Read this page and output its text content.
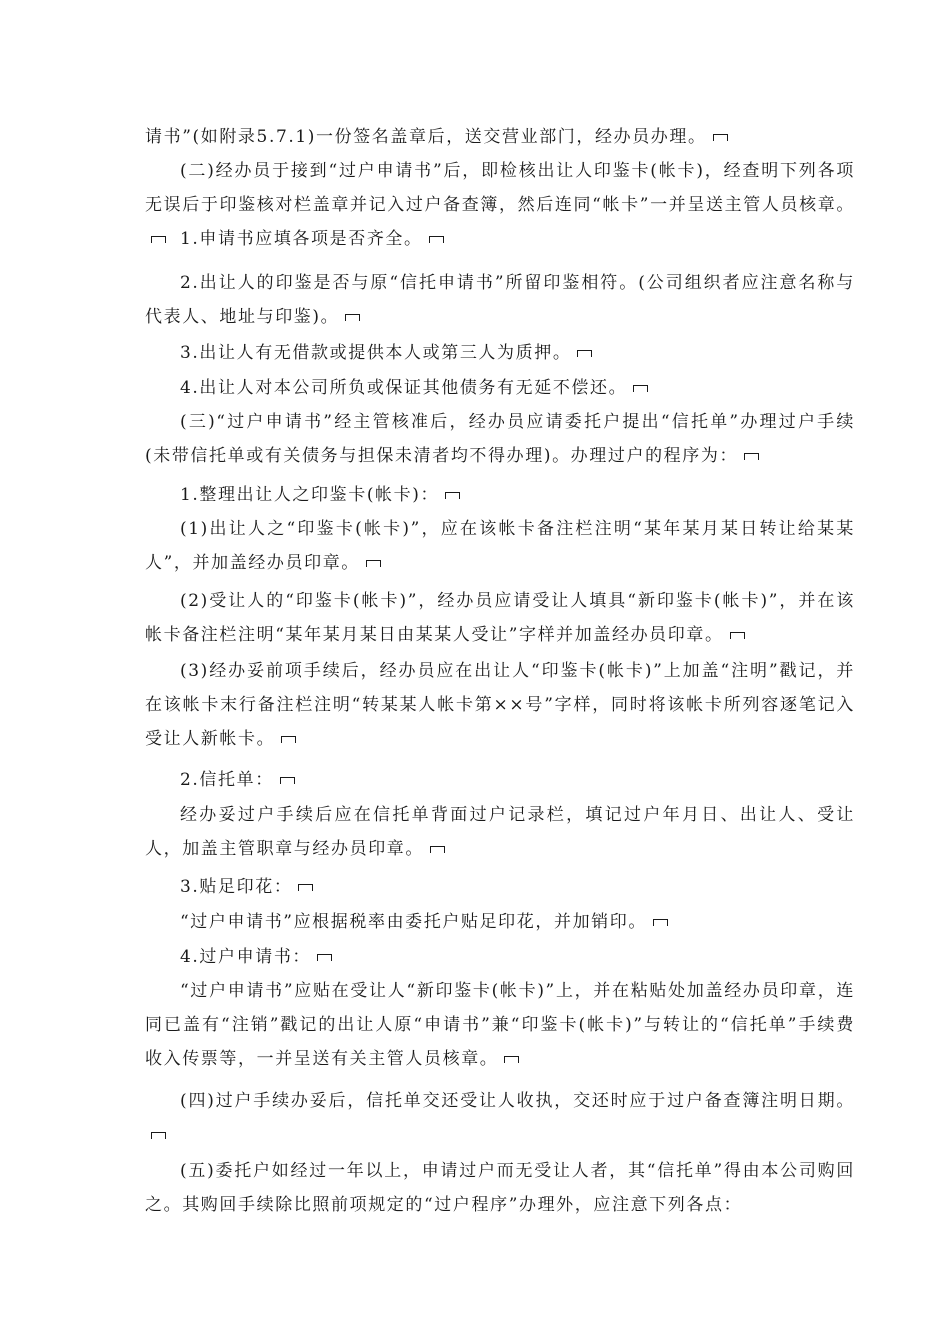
请书”(如附录5.7.1)一份签名盖章后，送交营业部门，经办员办理。

(二)经办员于接到“过户申请书”后，即检核出让人印鉴卡(帐卡)，经查明下列各项无误后于印鉴核对栏盖章并记入过户备查簿，然后连同“帐卡”一并呈送主管人员核章。  1.申请书应填各项是否齐全。

2.出让人的印鉴是否与原“信托申请书”所留印鉴相符。(公司组织者应注意名称与代表人、地址与印鉴)。

3.出让人有无借款或提供本人或第三人为质押。

4.出让人对本公司所负或保证其他债务有无延不偿还。

(三)“过户申请书”经主管核准后，经办员应请委托户提出“信托单”办理过户手续(未带信托单或有关债务与担保未清者均不得办理)。办理过户的程序为：

1.整理出让人之印鉴卡(帐卡)：

(1)出让人之“印鉴卡(帐卡)”，应在该帐卡备注栏注明“某年某月某日转让给某某人”，并加盖经办员印章。

(2)受让人的“印鉴卡(帐卡)”，经办员应请受让人填具“新印鉴卡(帐卡)”，并在该帐卡备注栏注明“某年某月某日由某某人受让”字样并加盖经办员印章。

(3)经办妥前项手续后，经办员应在出让人“印鉴卡(帐卡)”上加盖“注明”戳记，并在该帐卡末行备注栏注明“转某某人帐卡第××号”字样，同时将该帐卡所列容逐笔记入受让人新帐卡。

2.信托单：

经办妥过户手续后应在信托单背面过户记录栏，填记过户年月日、出让人、受让人，加盖主管职章与经办员印章。

3.贴足印花：

“过户申请书”应根据税率由委托户贴足印花，并加销印。

4.过户申请书：

“过户申请书”应贴在受让人“新印鉴卡(帐卡)”上，并在粘贴处加盖经办员印章，连同已盖有“注销”戳记的出让人原“申请书”兼“印鉴卡(帐卡)”与转让的“信托单”手续费收入传票等，一并呈送有关主管人员核章。

(四)过户手续办妥后，信托单交还受让人收执，交还时应于过户备查簿注明日期。

(五)委托户如经过一年以上，申请过户而无受让人者，其“信托单”得由本公司购回之。其购回手续除比照前项规定的“过户程序”办理外，应注意下列各点：
